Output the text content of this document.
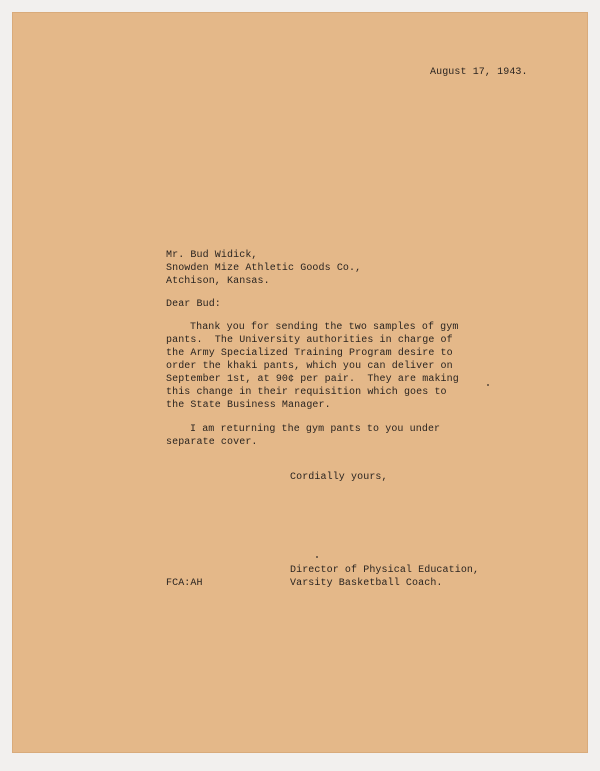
August 17, 1943.
Mr. Bud Widick,
Snowden Mize Athletic Goods Co.,
Atchison, Kansas.
Dear Bud:
Thank you for sending the two samples of gym
pants.  The University authorities in charge of
the Army Specialized Training Program desire to
order the khaki pants, which you can deliver on
September 1st, at 90¢ per pair.  They are making
this change in their requisition which goes to
the State Business Manager.
I am returning the gym pants to you under
separate cover.
Cordially yours,
Director of Physical Education,
Varsity Basketball Coach.
FCA:AH
